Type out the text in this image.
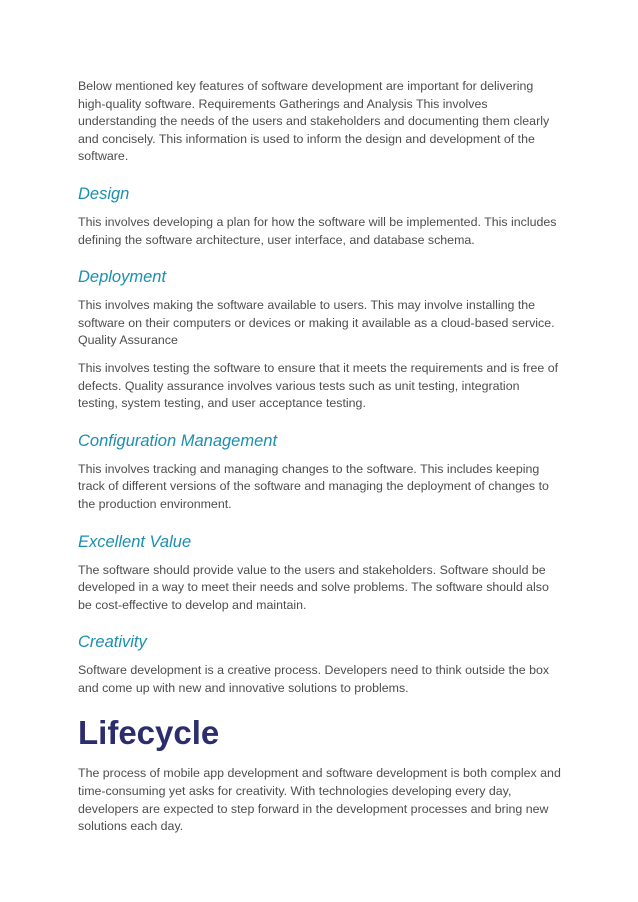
Below mentioned key features of software development are important for delivering high-quality software. Requirements Gatherings and Analysis This involves understanding the needs of the users and stakeholders and documenting them clearly and concisely. This information is used to inform the design and development of the software.

Design

This involves developing a plan for how the software will be implemented. This includes defining the software architecture, user interface, and database schema.

Deployment

This involves making the software available to users. This may involve installing the software on their computers or devices or making it available as a cloud-based service. Quality Assurance

This involves testing the software to ensure that it meets the requirements and is free of defects. Quality assurance involves various tests such as unit testing, integration testing, system testing, and user acceptance testing.

Configuration Management

This involves tracking and managing changes to the software. This includes keeping track of different versions of the software and managing the deployment of changes to the production environment.

Excellent Value

The software should provide value to the users and stakeholders. Software should be developed in a way to meet their needs and solve problems. The software should also be cost-effective to develop and maintain.

Creativity

Software development is a creative process. Developers need to think outside the box and come up with new and innovative solutions to problems.

Lifecycle

The process of mobile app development and software development is both complex and time-consuming yet asks for creativity. With technologies developing every day, developers are expected to step forward in the development processes and bring new solutions each day.
